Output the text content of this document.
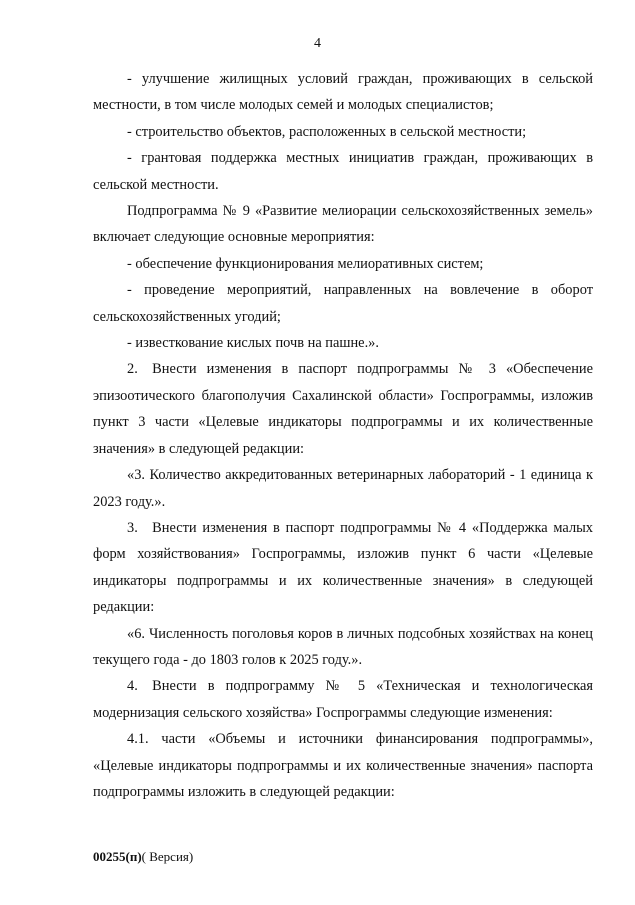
4

- улучшение жилищных условий граждан, проживающих в сельской местности, в том числе молодых семей и молодых специалистов;

- строительство объектов, расположенных в сельской местности;

- грантовая поддержка местных инициатив граждан, проживающих в сельской местности.

Подпрограмма № 9 «Развитие мелиорации сельскохозяйственных земель» включает следующие основные мероприятия:

- обеспечение функционирования мелиоративных систем;

- проведение мероприятий, направленных на вовлечение в оборот сельскохозяйственных угодий;

- известкование кислых почв на пашне.».

2. Внести изменения в паспорт подпрограммы № 3 «Обеспечение эпизоотического благополучия Сахалинской области» Госпрограммы, изложив пункт 3 части «Целевые индикаторы подпрограммы и их количественные значения» в следующей редакции:

«3. Количество аккредитованных ветеринарных лабораторий - 1 единица к 2023 году.».

3. Внести изменения в паспорт подпрограммы № 4 «Поддержка малых форм хозяйствования» Госпрограммы, изложив пункт 6 части «Целевые индикаторы подпрограммы и их количественные значения» в следующей редакции:

«6. Численность поголовья коров в личных подсобных хозяйствах на конец текущего года - до 1803 голов к 2025 году.».

4. Внести в подпрограмму № 5 «Техническая и технологическая модернизация сельского хозяйства» Госпрограммы следующие изменения:

4.1. части «Объемы и источники финансирования подпрограммы», «Целевые индикаторы подпрограммы и их количественные значения» паспорта подпрограммы изложить в следующей редакции:

00255(п)( Версия)
